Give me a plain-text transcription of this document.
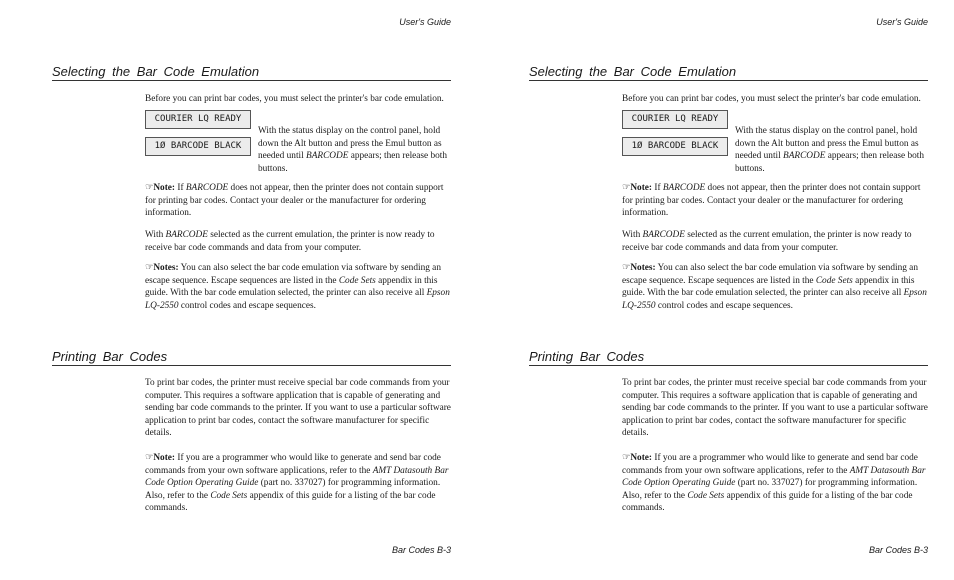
User's Guide
Selecting the Bar Code Emulation

Before you can print bar codes, you must select the printer's bar code emulation.

COURIER LQ READY
1Ø BARCODE BLACK

With the status display on the control panel, hold down the Alt button and press the Emul button as needed until BARCODE appears; then release both buttons.

☞Note: If BARCODE does not appear, then the printer does not contain support for printing bar codes. Contact your dealer or the manufacturer for ordering information.

With BARCODE selected as the current emulation, the printer is now ready to receive bar code commands and data from your computer.

☞Notes: You can also select the bar code emulation via software by sending an escape sequence. Escape sequences are listed in the Code Sets appendix in this guide. With the bar code emulation selected, the printer can also receive all Epson LQ-2550 control codes and escape sequences.

Printing Bar Codes

To print bar codes, the printer must receive special bar code commands from your computer. This requires a software application that is capable of generating and sending bar code commands to the printer. If you want to use a particular software application to print bar codes, contact the software manufacturer for specific details.

☞Note: If you are a programmer who would like to generate and send bar code commands from your own software applications, refer to the AMT Datasouth Bar Code Option Operating Guide (part no. 337027) for programming information. Also, refer to the Code Sets appendix of this guide for a listing of the bar code commands.

Bar Codes B-3
User's Guide
Selecting the Bar Code Emulation

Before you can print bar codes, you must select the printer's bar code emulation.

COURIER LQ READY
1Ø BARCODE BLACK

With the status display on the control panel, hold down the Alt button and press the Emul button as needed until BARCODE appears; then release both buttons.

☞Note: If BARCODE does not appear, then the printer does not contain support for printing bar codes. Contact your dealer or the manufacturer for ordering information.

With BARCODE selected as the current emulation, the printer is now ready to receive bar code commands and data from your computer.

☞Notes: You can also select the bar code emulation via software by sending an escape sequence. Escape sequences are listed in the Code Sets appendix in this guide. With the bar code emulation selected, the printer can also receive all Epson LQ-2550 control codes and escape sequences.

Printing Bar Codes

To print bar codes, the printer must receive special bar code commands from your computer. This requires a software application that is capable of generating and sending bar code commands to the printer. If you want to use a particular software application to print bar codes, contact the software manufacturer for specific details.

☞Note: If you are a programmer who would like to generate and send bar code commands from your own software applications, refer to the AMT Datasouth Bar Code Option Operating Guide (part no. 337027) for programming information. Also, refer to the Code Sets appendix of this guide for a listing of the bar code commands.

Bar Codes B-3
